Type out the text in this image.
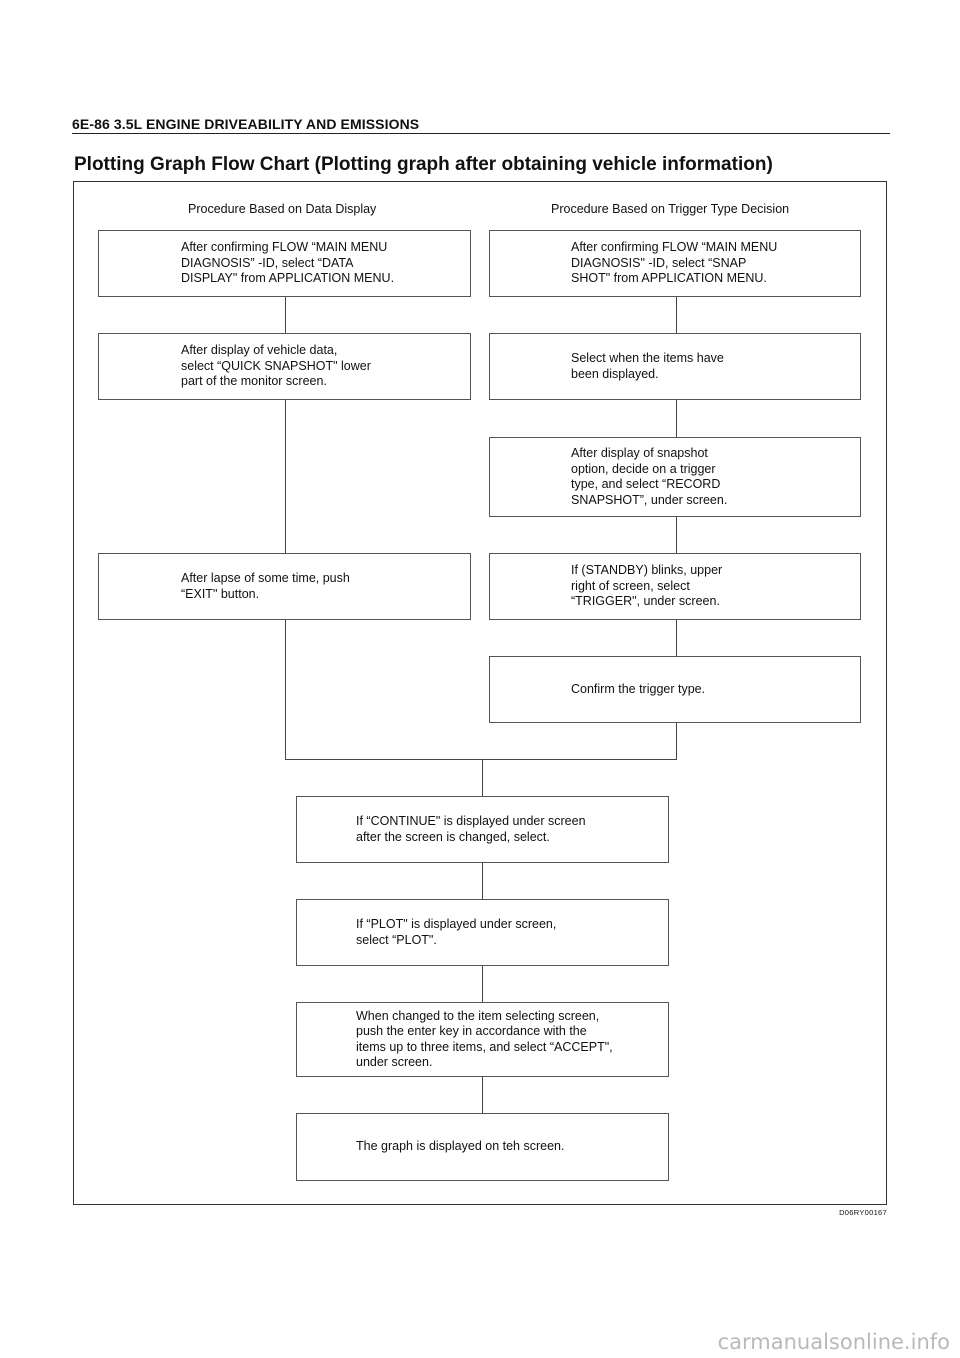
6E-86 3.5L ENGINE DRIVEABILITY AND EMISSIONS
Plotting Graph Flow Chart (Plotting graph after obtaining vehicle information)
Procedure Based on Data Display	Procedure Based on Trigger Type Decision
After confirming FLOW “MAIN MENU
DIAGNOSIS” -ID, select “DATA
DISPLAY" from APPLICATION MENU.
After display of vehicle data,
select “QUICK SNAPSHOT" lower
part of the monitor screen.
After lapse of some time, push
“EXIT" button.
After confirming FLOW “MAIN MENU
DIAGNOSIS" -ID, select “SNAP
SHOT" from APPLICATION MENU.
Select when the items have
been displayed.
After display of snapshot
option, decide on a trigger
type, and select “RECORD
SNAPSHOT”, under screen.
If (STANDBY) blinks, upper
right of screen, select
“TRIGGER", under screen.
Confirm the trigger type.
If “CONTINUE" is displayed under screen
after the screen is changed, select.
If “PLOT" is displayed under screen,
select “PLOT".
When changed to the item selecting screen,
push the enter key in accordance with the
items up to three items, and select “ACCEPT",
under screen.
The graph is displayed on teh screen.
D06RY00167
carmanualsonline.info
